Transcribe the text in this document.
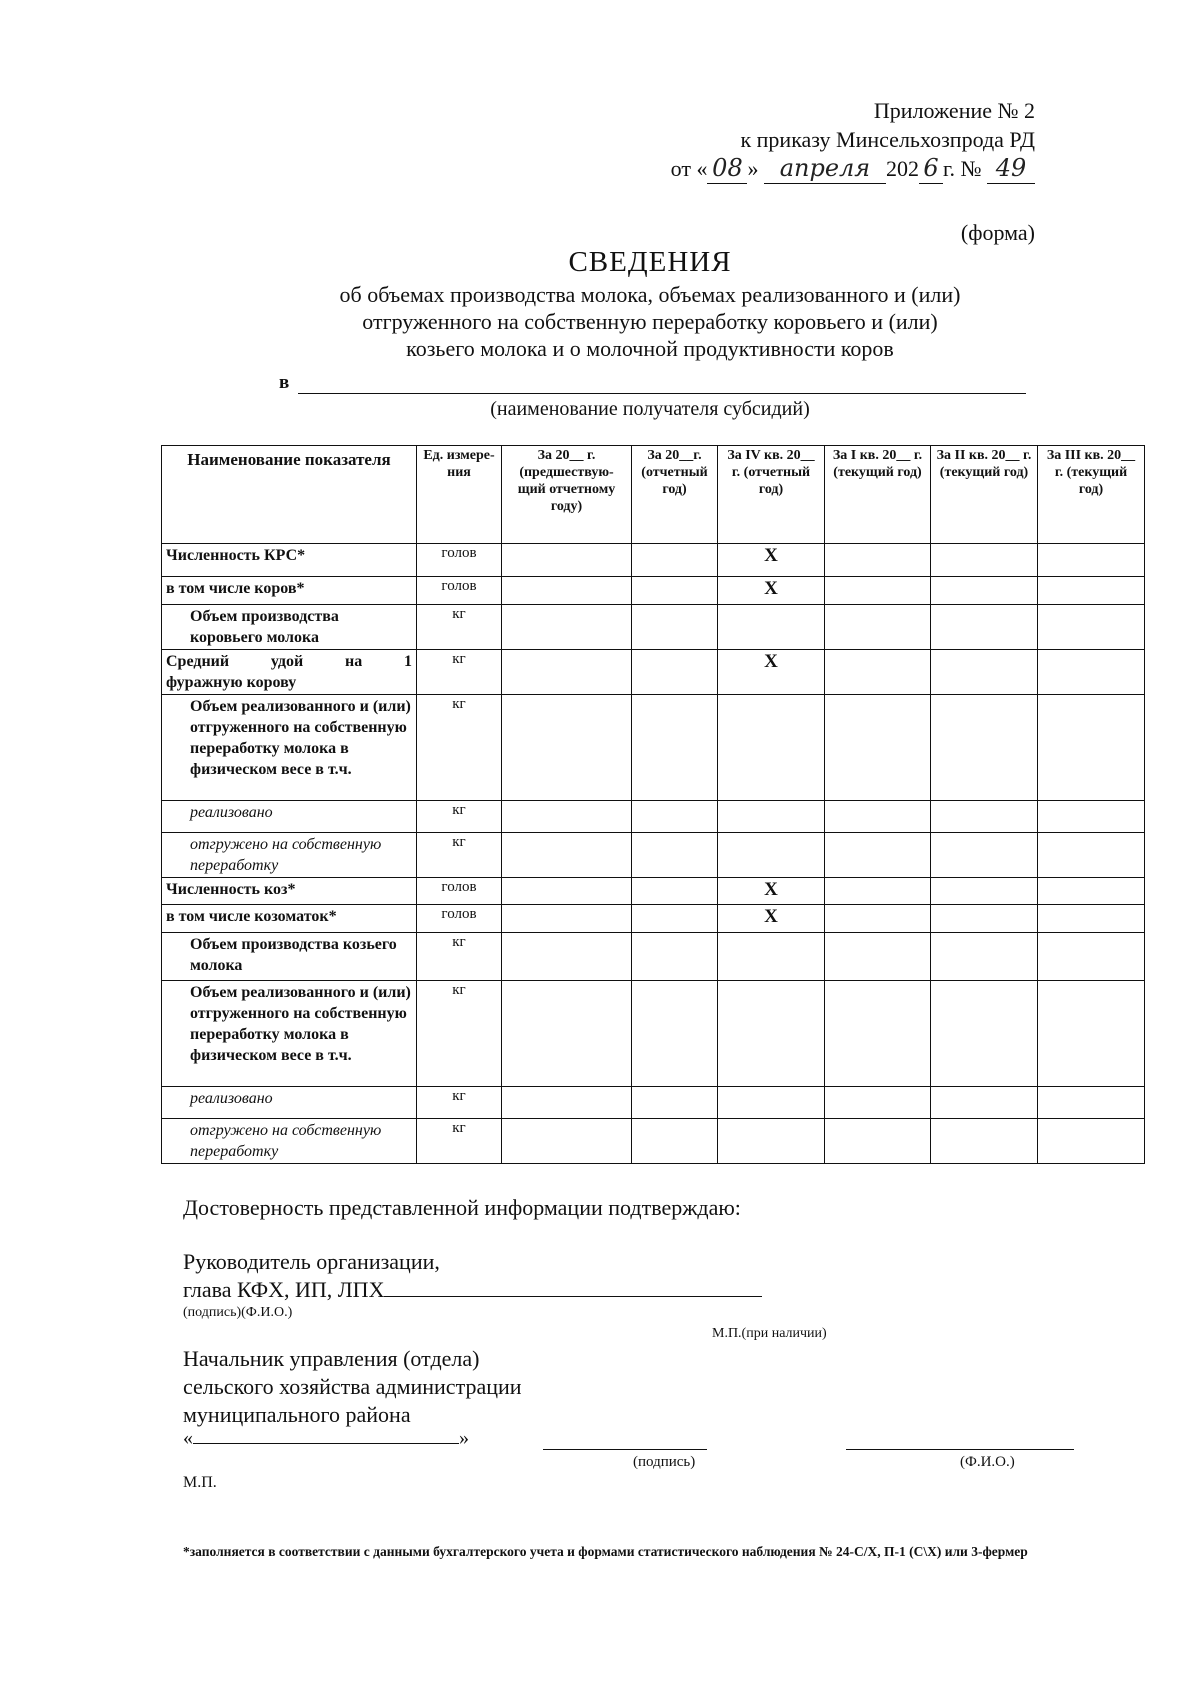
Приложение № 2
к приказу Минсельхозпрода РД
от « 08 » апреля 202 6 г. № 49
(форма)
СВЕДЕНИЯ
об объемах производства молока, объемах реализованного и (или)
отгруженного на собственную переработку коровьего и (или)
козьего молока и о молочной продуктивности коров
в
(наименование получателя субсидий)
Наименование показателя	Ед. измере-ния	За 20__ г. (предшествую-щий отчетному году)	За 20__г. (отчетный год)	За IV кв. 20__ г. (отчетный год)	За I кв. 20__ г. (текущий год)	За II кв. 20__ г. (текущий год)	За III кв. 20__ г. (текущий год)
Численность КРС*	голов			X			
в том числе коров*	голов			X			
Объем производства коровьего молока	кг						

Средний удой на 1
фуражную корову	кг			X			
Объем реализованного и (или) отгруженного на собственную переработку молока в физическом весе в т.ч.	кг						
реализовано	кг						
отгружено на собственную переработку	кг						
Численность коз*	голов			X			
в том числе козоматок*	голов			X			
Объем производства козьего молока	кг						
Объем реализованного и (или) отгруженного на собственную переработку молока в физическом весе в т.ч.	кг						
реализовано	кг						
отгружено на собственную переработку	кг						
Достоверность представленной информации подтверждаю:
Руководитель организации,
глава КФХ, ИП, ЛПХ
(подпись)(Ф.И.О.)
М.П.(при наличии)
Начальник управления (отдела)
сельского хозяйства администрации
муниципального района
«	»
(подпись)	(Ф.И.О.)
М.П.
*заполняется в соответствии с данными бухгалтерского учета и формами статистического наблюдения № 24-С/Х, П-1 (С\Х) или 3-фермер
